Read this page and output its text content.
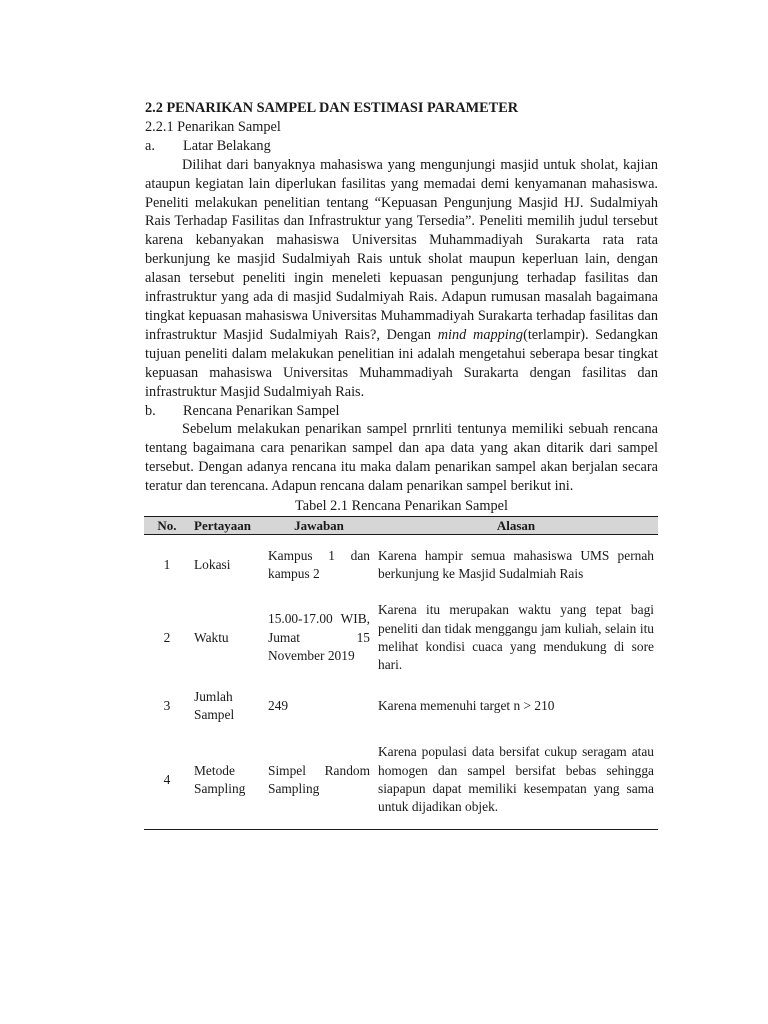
2.2 PENARIKAN SAMPEL DAN ESTIMASI PARAMETER
2.2.1 Penarikan Sampel
a.	Latar Belakang
Dilihat dari banyaknya mahasiswa yang mengunjungi masjid untuk sholat, kajian ataupun kegiatan lain diperlukan fasilitas yang memadai demi kenyamanan mahasiswa. Peneliti melakukan penelitian tentang “Kepuasan Pengunjung Masjid HJ. Sudalmiyah Rais Terhadap Fasilitas dan Infrastruktur yang Tersedia”. Peneliti memilih judul tersebut karena kebanyakan mahasiswa Universitas Muhammadiyah Surakarta rata rata berkunjung ke masjid Sudalmiyah Rais untuk sholat maupun keperluan lain, dengan alasan tersebut peneliti ingin meneleti kepuasan pengunjung terhadap fasilitas dan infrastruktur yang ada di masjid Sudalmiyah Rais. Adapun rumusan masalah bagaimana tingkat kepuasan mahasiswa Universitas Muhammadiyah Surakarta terhadap fasilitas dan infrastruktur Masjid Sudalmiyah Rais?, Dengan mind mapping(terlampir). Sedangkan tujuan peneliti dalam melakukan penelitian ini adalah mengetahui seberapa besar tingkat kepuasan mahasiswa Universitas Muhammadiyah Surakarta dengan fasilitas dan infrastruktur Masjid Sudalmiyah Rais.
b.	Rencana Penarikan Sampel
Sebelum melakukan penarikan sampel prnrliti tentunya memiliki sebuah rencana tentang bagaimana cara penarikan sampel dan apa data yang akan ditarik dari sampel tersebut. Dengan adanya rencana itu maka dalam penarikan sampel akan berjalan secara teratur dan terencana. Adapun rencana dalam penarikan sampel berikut ini.
Tabel 2.1 Rencana Penarikan Sampel
No.	Pertayaan	Jawaban	Alasan
1	Lokasi	Kampus 1 dan kampus 2	Karena hampir semua mahasiswa UMS pernah berkunjung ke Masjid Sudalmiah Rais
2	Waktu	15.00-17.00 WIB, Jumat 15 November 2019	Karena itu merupakan waktu yang tepat bagi peneliti dan tidak menggangu jam kuliah, selain itu melihat kondisi cuaca yang mendukung di sore hari.
3	Jumlah Sampel	249	Karena memenuhi target n > 210
4	Metode Sampling	Simpel Random Sampling	Karena populasi data bersifat cukup seragam atau homogen dan sampel bersifat bebas sehingga siapapun dapat memiliki kesempatan yang sama untuk dijadikan objek.
